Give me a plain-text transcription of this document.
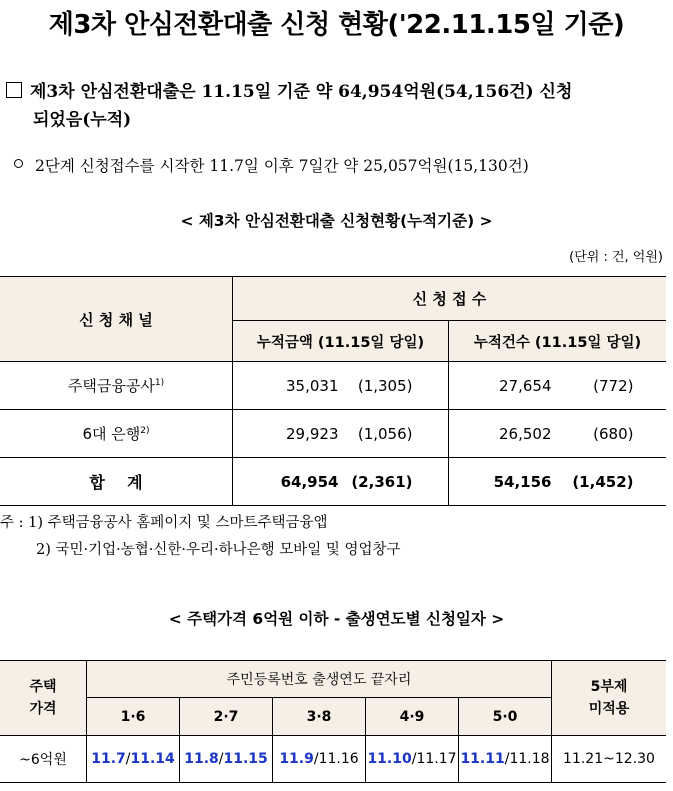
제3차 안심전환대출 신청 현황('22.11.15일 기준)
제3차 안심전환대출은 11.15일 기준 약 64,954억원(54,156건) 신청
되었음(누적)
2단계 신청접수를 시작한 11.7일 이후 7일간 약 25,057억원(15,130건)
< 제3차 안심전환대출 신청현황(누적기준) >
(단위 : 건, 억원)
신 청 채 널	신 청 접 수	
	누적금액 (11.15일 당일)	누적건수 (11.15일 당일)
주택금융공사$^{1)}$	35,031 (1,305)	27,654 (772)
6대 은행$^{2)}$	29,923 (1,056)	26,502 (680)
합    계	64,954 (2,361)	54,156 (1,452)
주 : 1) 주택금융공사 홈페이지 및 스마트주택금융앱
2) 국민·기업·농협·신한·우리·하나은행 모바일 및 영업창구
< 주택가격 6억원 이하 - 출생연도별 신청일자 >
주택
가격	주민등록번호 출생연도 끝자리					5부제
미적용
	1·6	2·7	3·8	4·9	5·0	
~6억원	11.7/11.14	11.8/11.15	11.9/11.16	11.10/11.17	11.11/11.18	11.21~12.30
